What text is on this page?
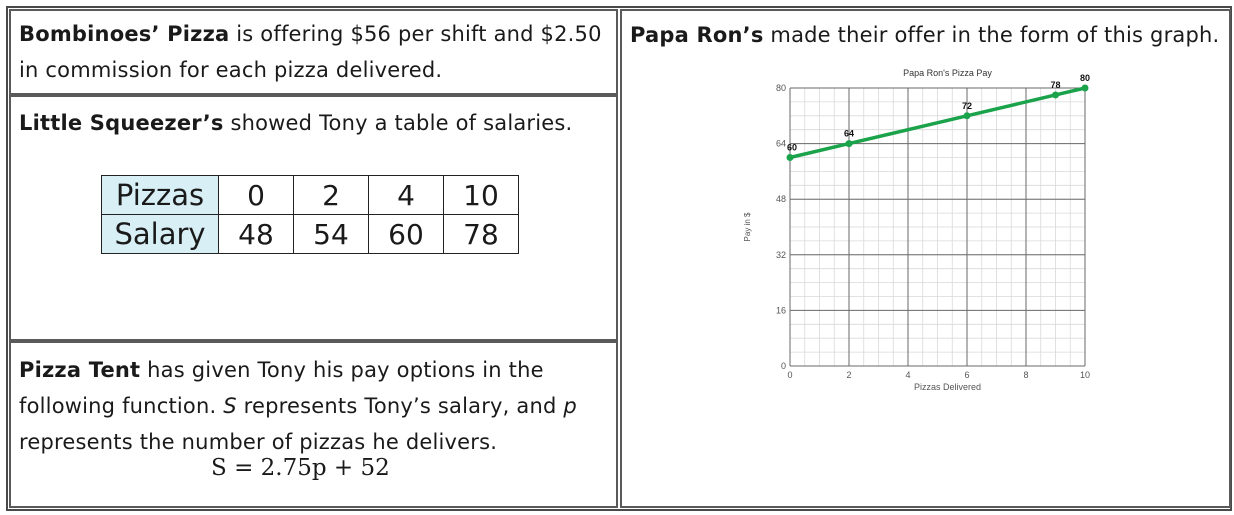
Bombinoes’ Pizza is offering $56 per shift and $2.50 in commission for each pizza delivered.
Little Squeezer’s showed Tony a table of salaries.
Pizzas	0	2	4	10
Salary	48	54	60	78
Pizza Tent has given Tony his pay options in the following function. S represents Tony’s salary, and p represents the number of pizzas he delivers.
S = 2.75p + 52
Papa Ron’s made their offer in the form of this graph.
0	2	4	6	8	10
0
16
32
48
64
80
Papa Ron's Pizza Pay
Pizzas Delivered
Pay in $
60
64
72
78
80
